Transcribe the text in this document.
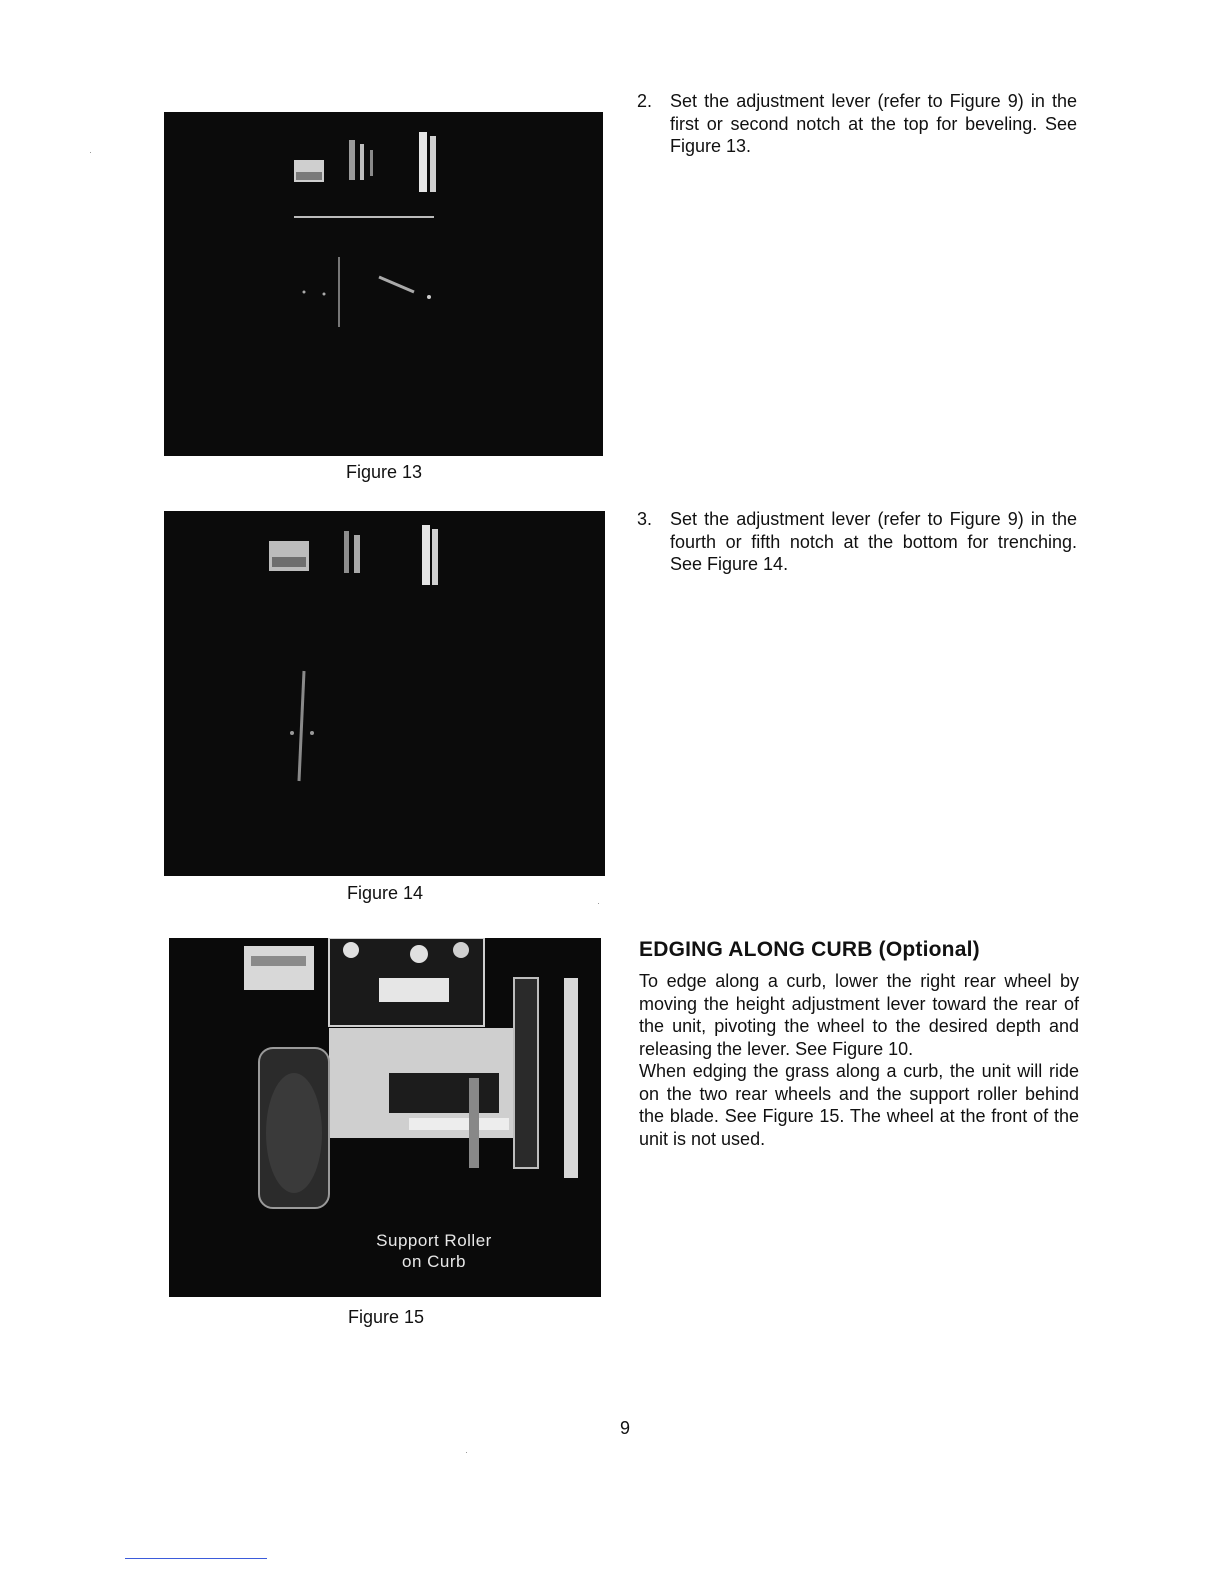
Figure 13
Figure 14
Support Roller
on Curb
Figure 15
2. Set the adjustment lever (refer to Figure 9) in the first or second notch at the top for beveling. See Figure 13.
3. Set the adjustment lever (refer to Figure 9) in the fourth or fifth notch at the bottom for trenching. See Figure 14.
EDGING ALONG CURB (Optional)

To edge along a curb, lower the right rear wheel by moving the height adjustment lever toward the rear of the unit, pivoting the wheel to the desired depth and releasing the lever. See Figure 10.

When edging the grass along a curb, the unit will ride on the two rear wheels and the support roller behind the blade. See Figure 15. The wheel at the front of the unit is not used.

9
